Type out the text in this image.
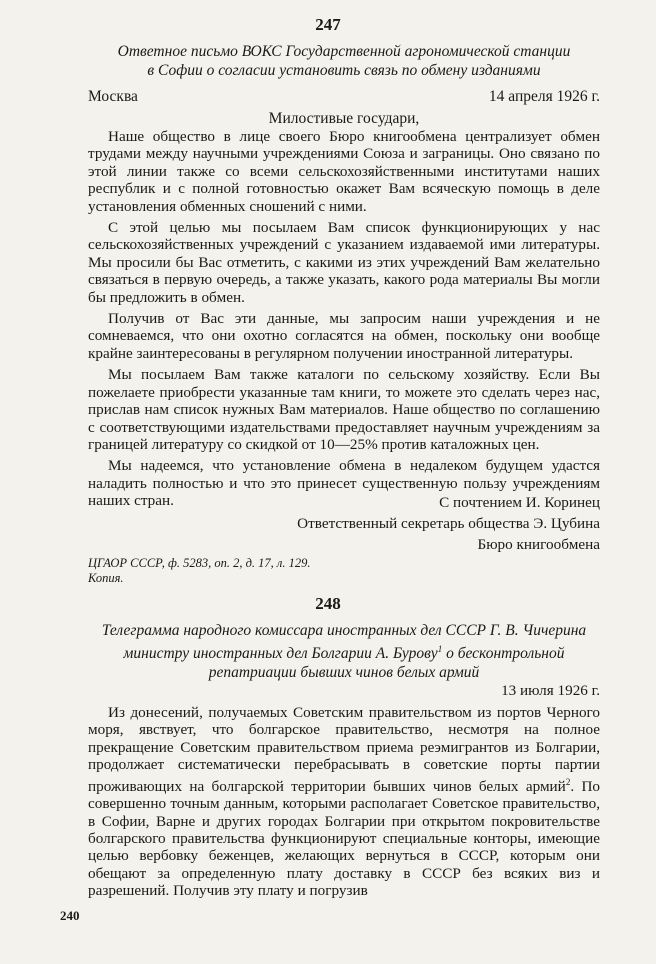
247
Ответное письмо ВОКС Государственной агрономической станции
в Софии о согласии установить связь по обмену изданиями
Москва	14 апреля 1926 г.
Милостивые государи,

Наше общество в лице своего Бюро книгообмена централизует обмен трудами между научными учреждениями Союза и заграницы. Оно связано по этой линии также со всеми сельскохозяйственными институтами наших республик и с полной готовностью окажет Вам всяческую помощь в деле установления обменных сношений с ними.

С этой целью мы посылаем Вам список функционирующих у нас сельскохозяйственных учреждений с указанием издаваемой ими литературы. Мы просили бы Вас отметить, с какими из этих учреждений Вам желательно связаться в первую очередь, а также указать, какого рода материалы Вы могли бы предложить в обмен.

Получив от Вас эти данные, мы запросим наши учреждения и не сомневаемся, что они охотно согласятся на обмен, поскольку они вообще крайне заинтересованы в регулярном получении иностранной литературы.

Мы посылаем Вам также каталоги по сельскому хозяйству. Если Вы пожелаете приобрести указанные там книги, то можете это сделать через нас, прислав нам список нужных Вам материалов. Наше общество по соглашению с соответствующими издательствами предоставляет научным учреждениям за границей литературу со скидкой от 10—25% против каталожных цен.

Мы надеемся, что установление обмена в недалеком будущем удастся наладить полностью и что это принесет существенную пользу учреждениям наших стран.	С почтением И. Коринец
Ответственный секретарь общества Э. Цубина
Бюро книгообмена
ЦГАОР СССР, ф. 5283, оп. 2, д. 17, л. 129.
Копия.
248
Телеграмма народного комиссара иностранных дел СССР Г. В. Чичерина
министру иностранных дел Болгарии А. Бурову$^1$ о бесконтрольной
репатриации бывших чинов белых армий
13 июля 1926 г.

Из донесений, получаемых Советским правительством из портов Черного моря, явствует, что болгарское правительство, несмотря на полное прекращение Советским правительством приема реэмигрантов из Болгарии, продолжает систематически перебрасывать в советские порты партии проживающих на болгарской территории бывших чинов белых армий$^2$. По совершенно точным данным, которыми располагает Советское правительство, в Софии, Варне и других городах Болгарии при открытом покровительстве болгарского правительства функционируют специальные конторы, имеющие целью вербовку беженцев, желающих вернуться в СССР, которым они обещают за определенную плату доставку в СССР без всяких виз и разрешений. Получив эту плату и погрузив

240
